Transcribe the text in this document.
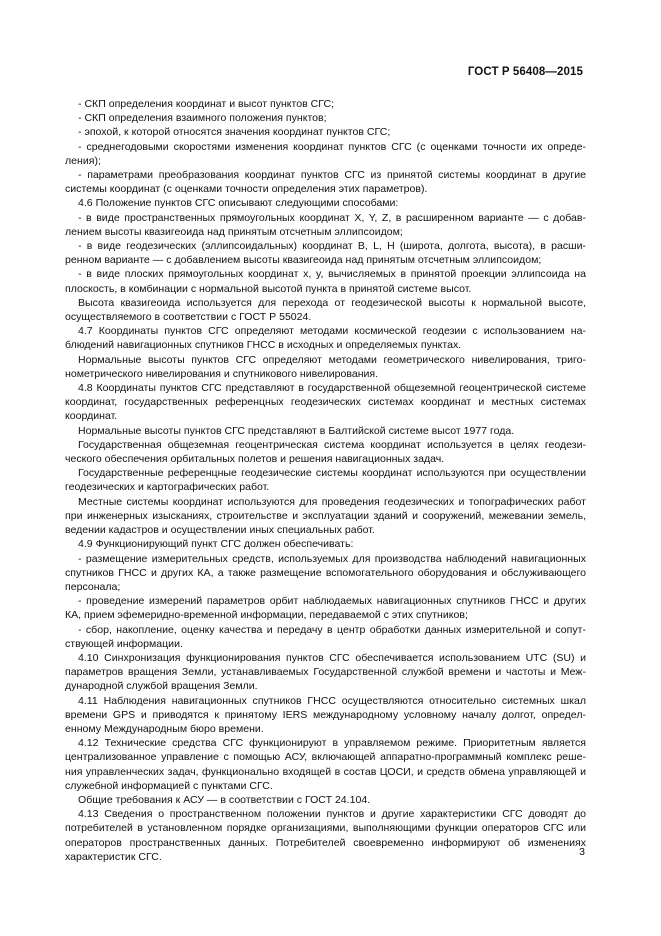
ГОСТ Р 56408—2015

- СКП определения координат и высот пунктов СГС;

- СКП определения взаимного положения пунктов;

- эпохой, к которой относятся значения координат пунктов СГС;

- среднегодовыми скоростями изменения координат пунктов СГС (с оценками точности их определения);

- параметрами преобразования координат пунктов СГС из принятой системы координат в другие системы координат (с оценками точности определения этих параметров).

4.6 Положение пунктов СГС описывают следующими способами:

- в виде пространственных прямоугольных координат X, Y, Z, в расширенном варианте — с добавлением высоты квазигеоида над принятым отсчетным эллипсоидом;

- в виде геодезических (эллипсоидальных) координат B, L, H (широта, долгота, высота), в расширенном варианте — с добавлением высоты квазигеоида над принятым отсчетным эллипсоидом;

- в виде плоских прямоугольных координат x, y, вычисляемых в принятой проекции эллипсоида на плоскость, в комбинации с нормальной высотой пункта в принятой системе высот.

Высота квазигеоида используется для перехода от геодезической высоты к нормальной высоте, осуществляемого в соответствии с ГОСТ Р 55024.

4.7 Координаты пунктов СГС определяют методами космической геодезии с использованием наблюдений навигационных спутников ГНСС в исходных и определяемых пунктах.

Нормальные высоты пунктов СГС определяют методами геометрического нивелирования, тригонометрического нивелирования и спутникового нивелирования.

4.8 Координаты пунктов СГС представляют в государственной общеземной геоцентрической системе координат, государственных референцных геодезических системах координат и местных системах координат.

Нормальные высоты пунктов СГС представляют в Балтийской системе высот 1977 года.

Государственная общеземная геоцентрическая система координат используется в целях геодезического обеспечения орбитальных полетов и решения навигационных задач.

Государственные референцные геодезические системы координат используются при осуществлении геодезических и картографических работ.

Местные системы координат используются для проведения геодезических и топографических работ при инженерных изысканиях, строительстве и эксплуатации зданий и сооружений, межевании земель, ведении кадастров и осуществлении иных специальных работ.

4.9 Функционирующий пункт СГС должен обеспечивать:

- размещение измерительных средств, используемых для производства наблюдений навигационных спутников ГНСС и других КА, а также размещение вспомогательного оборудования и обслуживающего персонала;

- проведение измерений параметров орбит наблюдаемых навигационных спутников ГНСС и других КА, прием эфемеридно-временной информации, передаваемой с этих спутников;

- сбор, накопление, оценку качества и передачу в центр обработки данных измерительной и сопутствующей информации.

4.10 Синхронизация функционирования пунктов СГС обеспечивается использованием UTC (SU) и параметров вращения Земли, устанавливаемых Государственной службой времени и частоты и Международной службой вращения Земли.

4.11 Наблюдения навигационных спутников ГНСС осуществляются относительно системных шкал времени GPS и приводятся к принятому IERS международному условному началу долгот, определенному Международным бюро времени.

4.12 Технические средства СГС функционируют в управляемом режиме. Приоритетным является централизованное управление с помощью АСУ, включающей аппаратно-программный комплекс решения управленческих задач, функционально входящей в состав ЦОСИ, и средств обмена управляющей и служебной информацией с пунктами СГС.

Общие требования к АСУ — в соответствии с ГОСТ 24.104.

4.13 Сведения о пространственном положении пунктов и другие характеристики СГС доводят до потребителей в установленном порядке организациями, выполняющими функции операторов СГС или операторов пространственных данных. Потребителей своевременно информируют об изменениях характеристик СГС.	3
